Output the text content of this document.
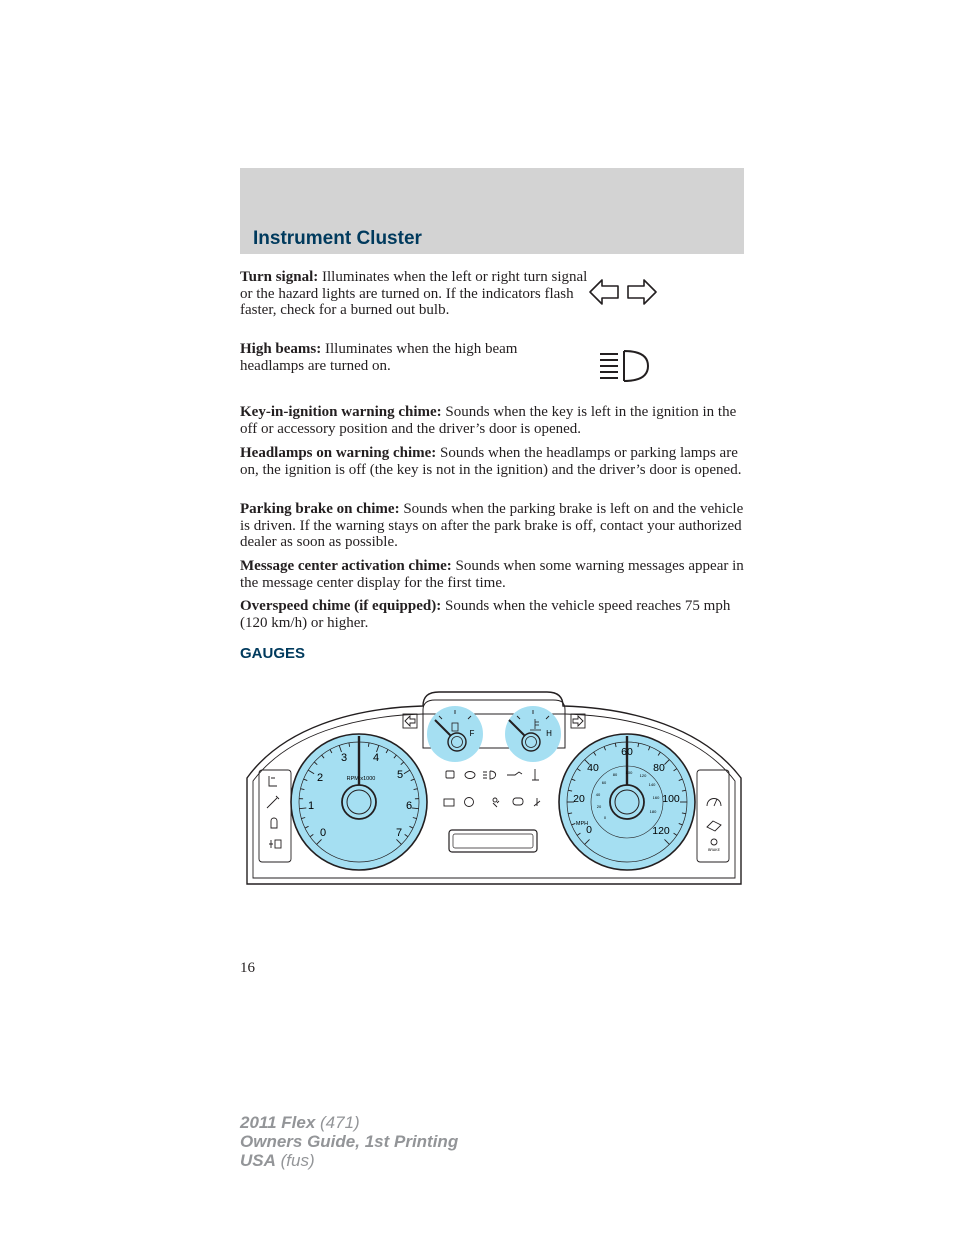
Instrument Cluster
Turn signal: Illuminates when the left or right turn signal or the hazard lights are turned on. If the indicators flash faster, check for a burned out bulb.
High beams: Illuminates when the high beam headlamps are turned on.
Key-in-ignition warning chime: Sounds when the key is left in the ignition in the off or accessory position and the driver’s door is opened.
Headlamps on warning chime: Sounds when the headlamps or parking lamps are on, the ignition is off (the key is not in the ignition) and the driver’s door is opened.
Parking brake on chime: Sounds when the parking brake is left on and the vehicle is driven. If the warning stays on after the park brake is off, contact your authorized dealer as soon as possible.
Message center activation chime: Sounds when some warning messages appear in the message center display for the first time.
Overspeed chime (if equipped): Sounds when the vehicle speed reaches 75 mph (120 km/h) or higher.
GAUGES
0
1
2
3 4
5
6
7
RPM x1000
0
20
40
60
80
100
120
0
20
40
60
80 100
120
140
160
180
MPH
F	H
BRAKE
16
2011 Flex (471)
Owners Guide, 1st Printing
USA (fus)
